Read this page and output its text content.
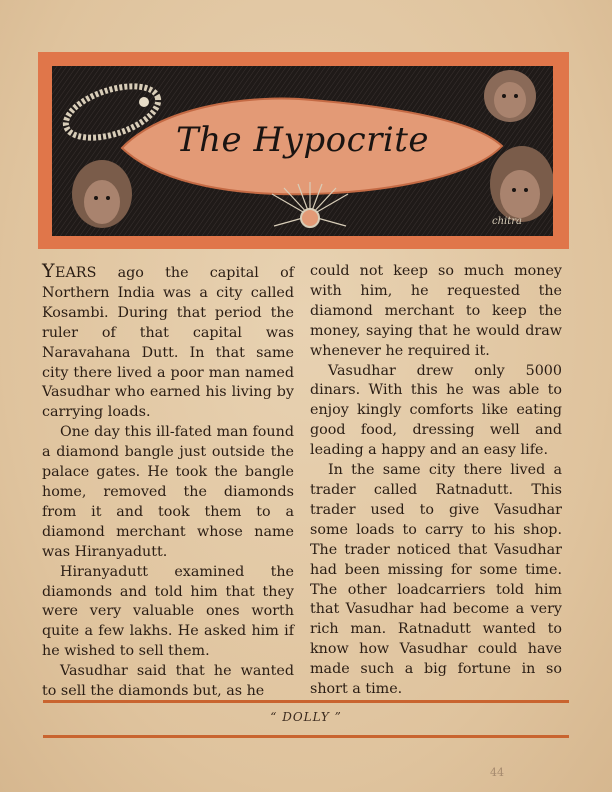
The Hypocrite
chitra

YEARS ago the capital of Northern India was a city called Kosambi. During that period the ruler of that capital was Naravahana Dutt. In that same city there lived a poor man named Vasudhar who earned his living by carrying loads.

One day this ill-fated man found a diamond bangle just outside the palace gates. He took the bangle home, removed the diamonds from it and took them to a diamond merchant whose name was Hiranyadutt.

Hiranyadutt examined the diamonds and told him that they were very valuable ones worth quite a few lakhs. He asked him if he wished to sell them.

Vasudhar said that he wanted to sell the diamonds but, as he

could not keep so much money with him, he requested the diamond merchant to keep the money, saying that he would draw whenever he required it.

Vasudhar drew only 5000 dinars. With this he was able to enjoy kingly comforts like eating good food, dressing well and leading a happy and an easy life.

In the same city there lived a trader called Ratnadutt. This trader used to give Vasudhar some loads to carry to his shop. The trader noticed that Vasudhar had been missing for some time. The other loadcarriers told him that Vasudhar had become a very rich man. Ratnadutt wanted to know how Vasudhar could have made such a big fortune in so short a time.

“ DOLLY ”
44
